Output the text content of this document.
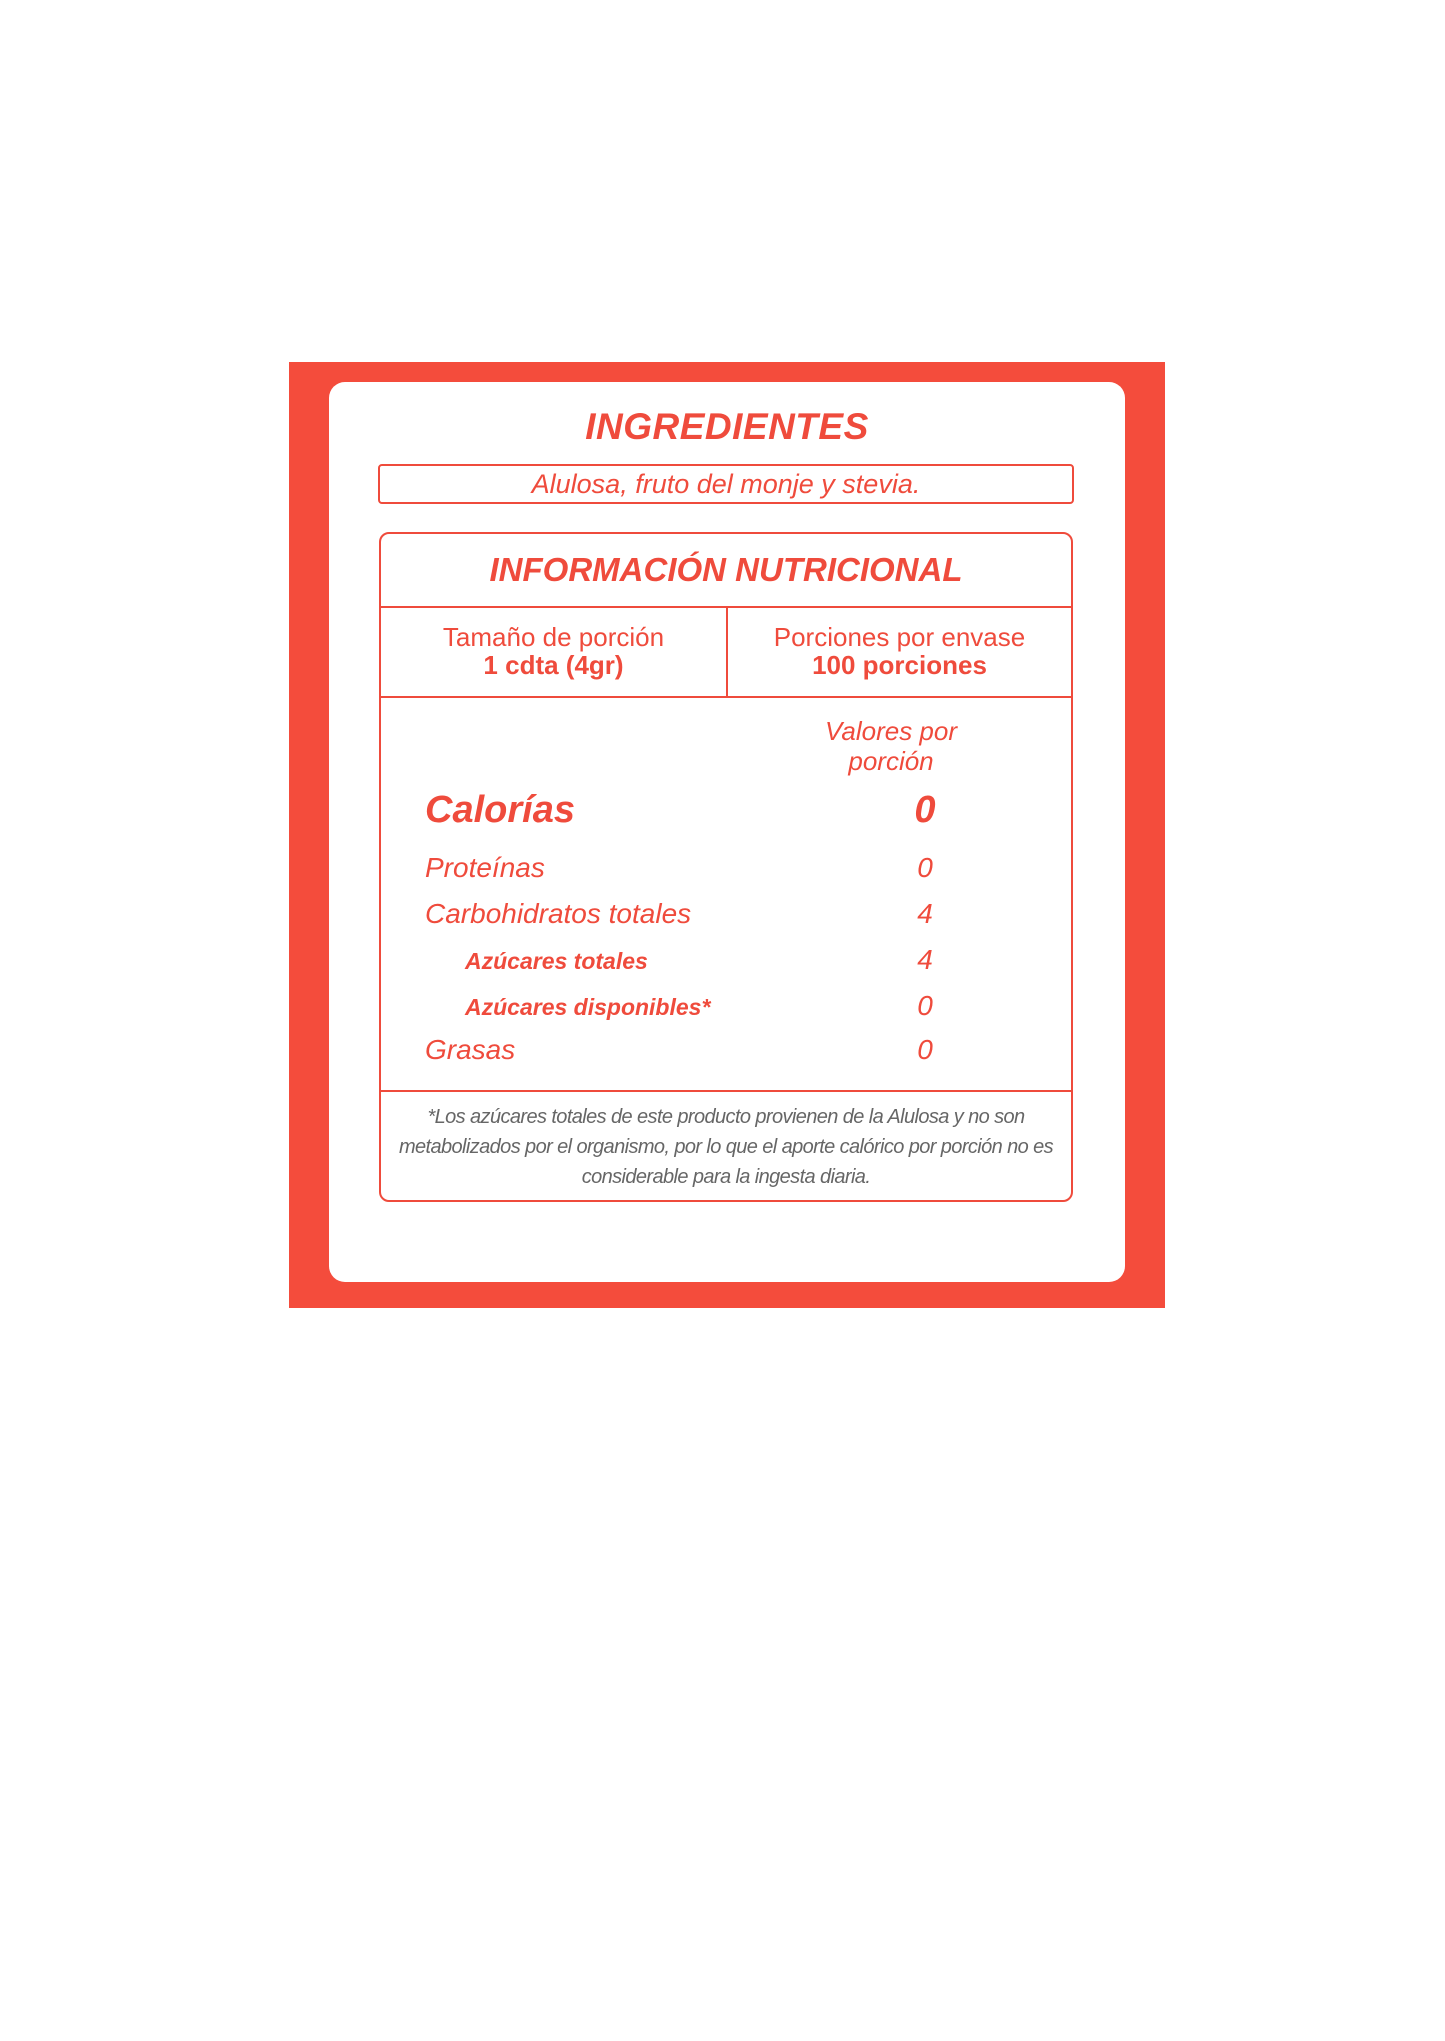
INGREDIENTES
Alulosa, fruto del monje y stevia.
INFORMACIÓN NUTRICIONAL
Tamaño de porción
1 cdta (4gr)
Porciones por envase
100 porciones
Valores por porción
Calorías	0
Proteínas	0
Carbohidratos totales	4
Azúcares totales	4
Azúcares disponibles*	0
Grasas	0
*Los azúcares totales de este producto provienen de la Alulosa y no son metabolizados por el organismo, por lo que el aporte calórico por porción no es considerable para la ingesta diaria.
